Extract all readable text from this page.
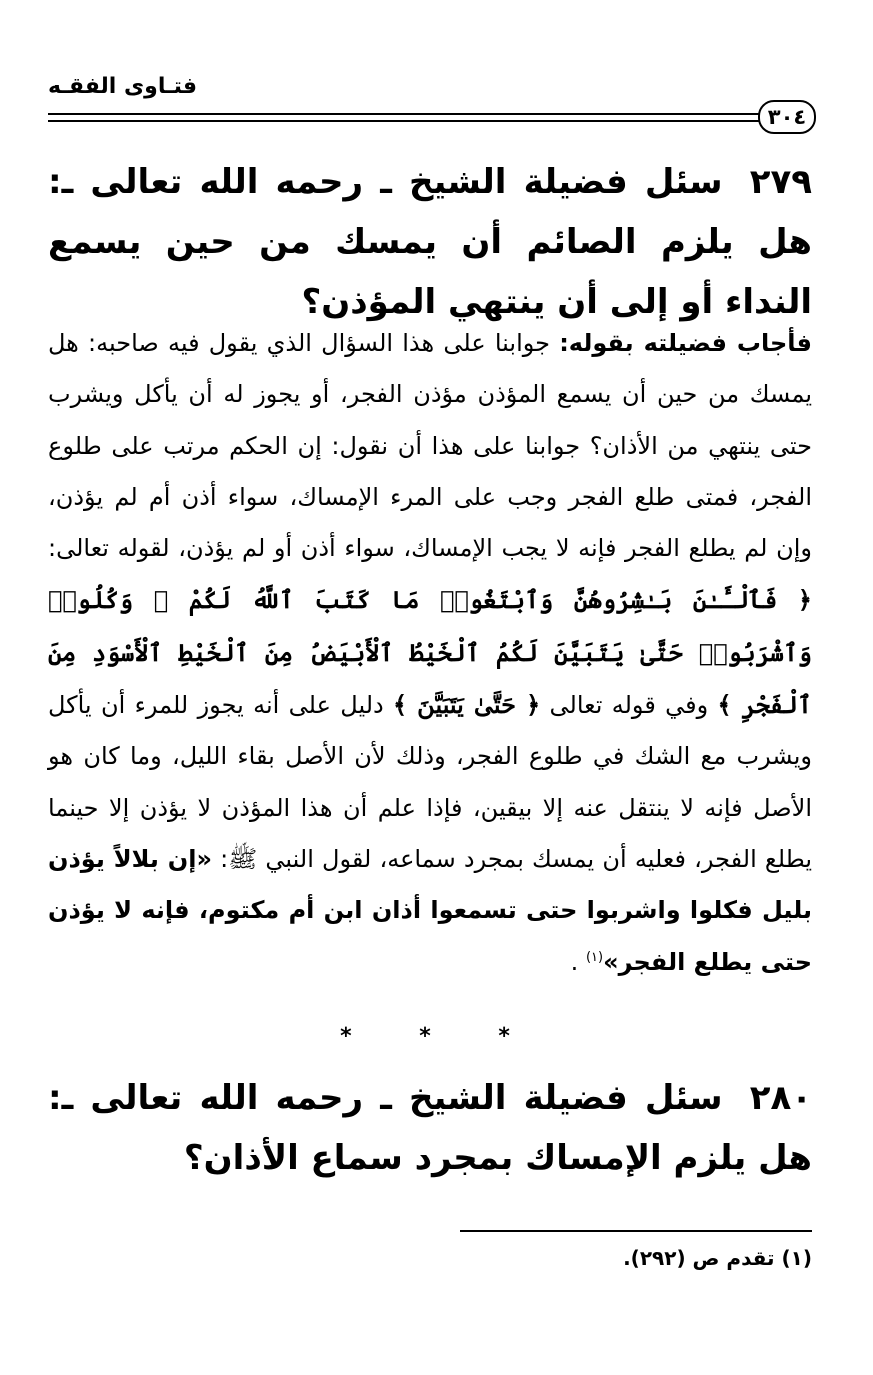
فتـاوى الفقـه
٣٠٤

٢٧٩ سئل فضيلة الشيخ ـ رحمه الله تعالى ـ: هل يلزم الصائم أن يمسك من حين يسمع النداء أو إلى أن ينتهي المؤذن؟

فأجاب فضيلته بقوله: جوابنا على هذا السؤال الذي يقول فيه صاحبه: هل يمسك من حين أن يسمع المؤذن مؤذن الفجر، أو يجوز له أن يأكل ويشرب حتى ينتهي من الأذان؟ جوابنا على هذا أن نقول: إن الحكم مرتب على طلوع الفجر، فمتى طلع الفجر وجب على المرء الإمساك، سواء أذن أم لم يؤذن، وإن لم يطلع الفجر فإنه لا يجب الإمساك، سواء أذن أو لم يؤذن، لقوله تعالى: ﴿ فَٱلْـَٔـٰنَ بَـٰشِرُوهُنَّ وَٱبْتَغُوا۟ مَا كَتَبَ ٱللَّهُ لَكُمْ ۚ وَكُلُوا۟ وَٱشْرَبُوا۟ حَتَّىٰ يَتَبَيَّنَ لَكُمُ ٱلْخَيْطُ ٱلْأَبْيَضُ مِنَ ٱلْخَيْطِ ٱلْأَسْوَدِ مِنَ ٱلْفَجْرِ ﴾ وفي قوله تعالى ﴿ حَتَّىٰ يَتَبَيَّنَ ﴾ دليل على أنه يجوز للمرء أن يأكل ويشرب مع الشك في طلوع الفجر، وذلك لأن الأصل بقاء الليل، وما كان هو الأصل فإنه لا ينتقل عنه إلا بيقين، فإذا علم أن هذا المؤذن لا يؤذن إلا حينما يطلع الفجر، فعليه أن يمسك بمجرد سماعه، لقول النبي ﷺ: «إن بلالاً يؤذن بليل فكلوا واشربوا حتى تسمعوا أذان ابن أم مكتوم، فإنه لا يؤذن حتى يطلع الفجر»$^{(١)}$ .

* * *

٢٨٠ سئل فضيلة الشيخ ـ رحمه الله تعالى ـ: هل يلزم الإمساك بمجرد سماع الأذان؟

(١) تقدم ص (٢٩٢).
